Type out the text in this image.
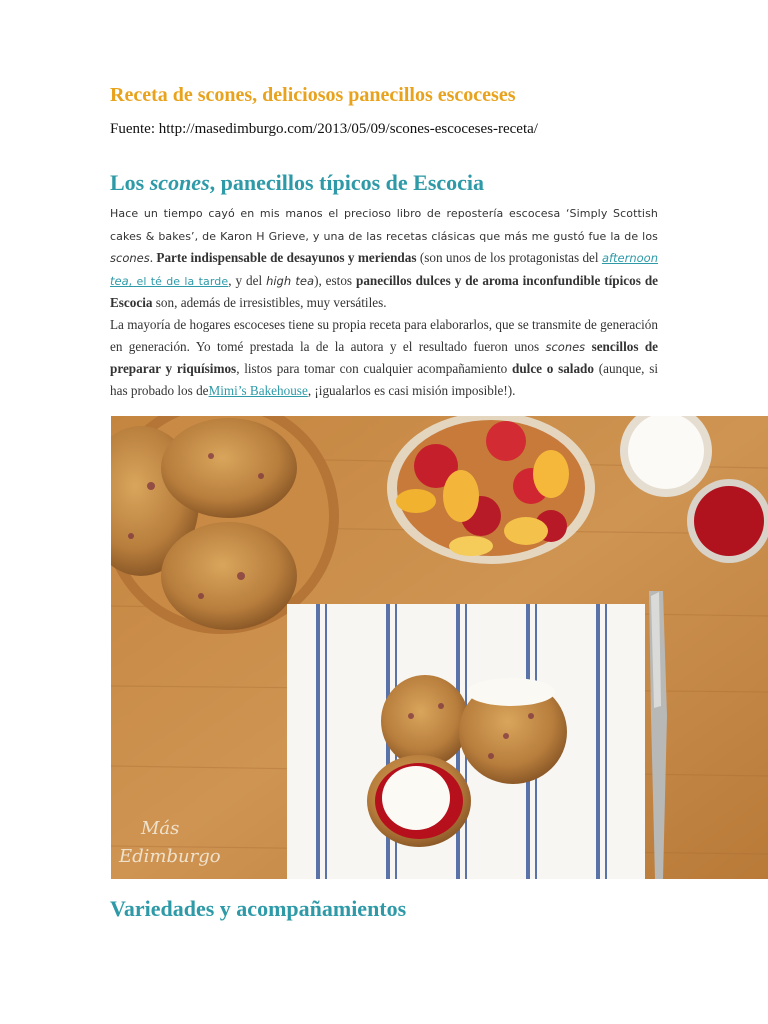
Receta de scones, deliciosos panecillos escoceses
Fuente: http://masedimburgo.com/2013/05/09/scones-escoceses-receta/
Los scones, panecillos típicos de Escocia

Hace un tiempo cayó en mis manos el precioso libro de repostería escocesa ‘Simply Scottish cakes & bakes’, de Karon H Grieve, y una de las recetas clásicas que más me gustó fue la de los scones. Parte indispensable de desayunos y meriendas (son unos de los protagonistas del afternoon tea, el té de la tarde, y del high tea), estos panecillos dulces y de aroma inconfundible típicos de Escocia son, además de irresistibles, muy versátiles.

La mayoría de hogares escoceses tiene su propia receta para elaborarlos, que se transmite de generación en generación. Yo tomé prestada la de la autora y el resultado fueron unos scones sencillos de preparar y riquísimos, listos para tomar con cualquier acompañamiento dulce o salado (aunque, si has probado los deMimi’s Bakehouse, ¡igualarlos es casi misión imposible!).

Más
Edimburgo
Variedades y acompañamientos
